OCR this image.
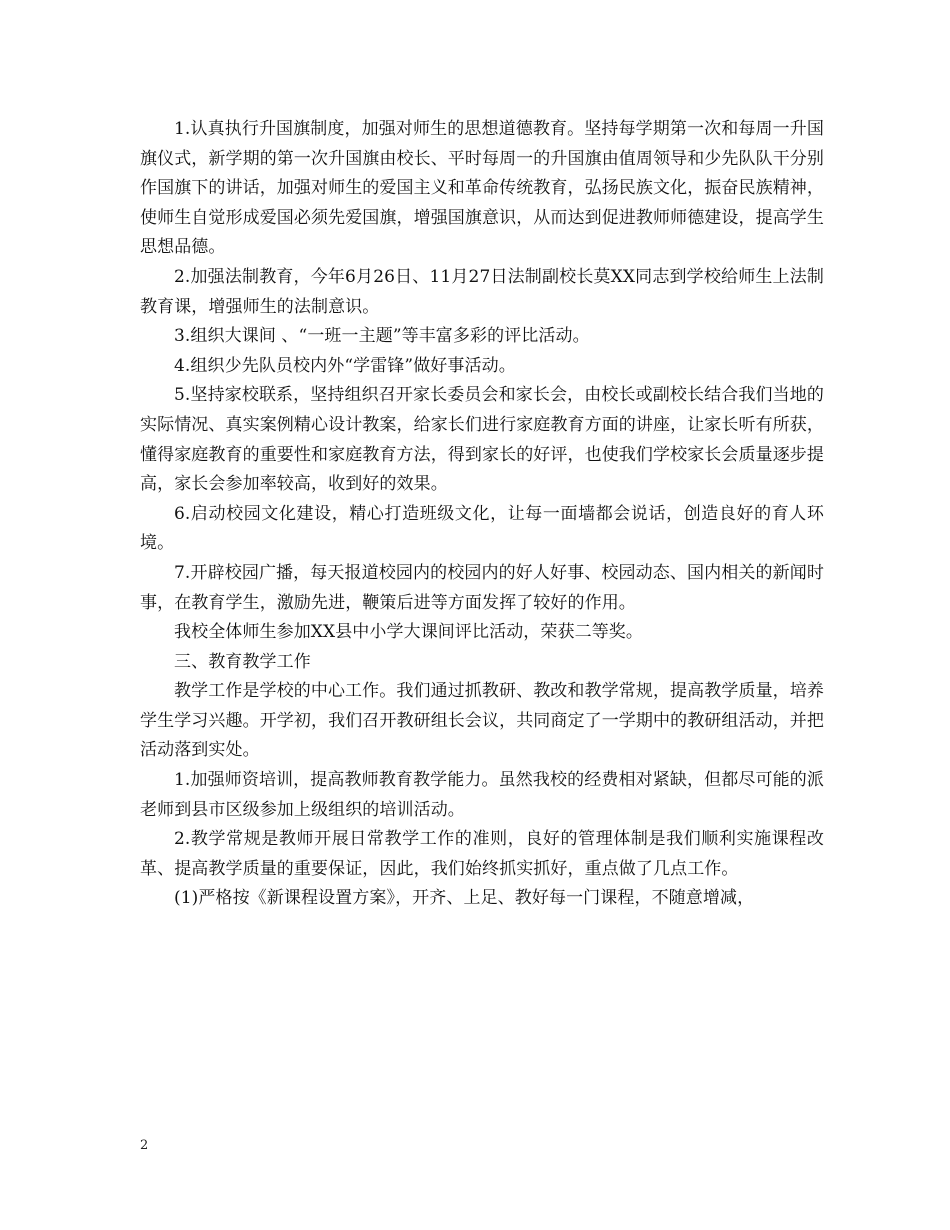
1.认真执行升国旗制度，加强对师生的思想道德教育。坚持每学期第一次和每周一升国旗仪式，新学期的第一次升国旗由校长、平时每周一的升国旗由值周领导和少先队队干分别作国旗下的讲话，加强对师生的爱国主义和革命传统教育，弘扬民族文化，振奋民族精神，使师生自觉形成爱国必须先爱国旗，增强国旗意识，从而达到促进教师师德建设，提高学生思想品德。

2.加强法制教育，今年6月26日、11月27日法制副校长莫XX同志到学校给师生上法制教育课，增强师生的法制意识。

3.组织大课间 、“一班一主题”等丰富多彩的评比活动。

4.组织少先队员校内外“学雷锋”做好事活动。

5.坚持家校联系，坚持组织召开家长委员会和家长会，由校长或副校长结合我们当地的实际情况、真实案例精心设计教案，给家长们进行家庭教育方面的讲座，让家长听有所获，懂得家庭教育的重要性和家庭教育方法，得到家长的好评，也使我们学校家长会质量逐步提高，家长会参加率较高，收到好的效果。

6.启动校园文化建设，精心打造班级文化，让每一面墙都会说话，创造良好的育人环境。

7.开辟校园广播，每天报道校园内的校园内的好人好事、校园动态、国内相关的新闻时事，在教育学生，激励先进，鞭策后进等方面发挥了较好的作用。

我校全体师生参加XX县中小学大课间评比活动，荣获二等奖。

三、教育教学工作

教学工作是学校的中心工作。我们通过抓教研、教改和教学常规，提高教学质量，培养学生学习兴趣。开学初，我们召开教研组长会议，共同商定了一学期中的教研组活动，并把活动落到实处。

1.加强师资培训，提高教师教育教学能力。虽然我校的经费相对紧缺，但都尽可能的派老师到县市区级参加上级组织的培训活动。

2.教学常规是教师开展日常教学工作的准则，良好的管理体制是我们顺利实施课程改革、提高教学质量的重要保证，因此，我们始终抓实抓好，重点做了几点工作。

(1)严格按《新课程设置方案》，开齐、上足、教好每一门课程，不随意增减，

2
